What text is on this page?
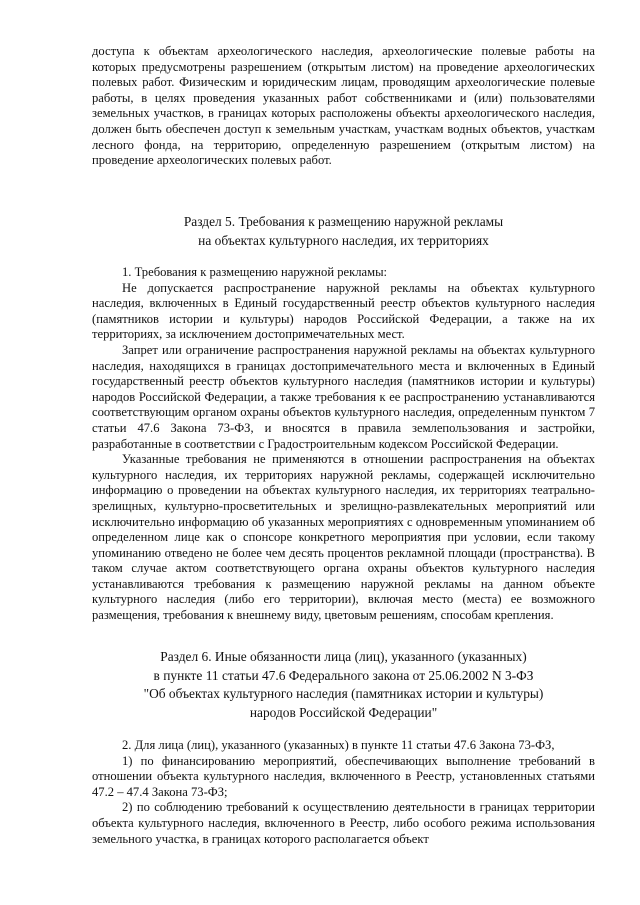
доступа к объектам археологического наследия, археологические полевые работы на которых предусмотрены разрешением (открытым листом) на проведение археологических полевых работ. Физическим и юридическим лицам, проводящим археологические полевые работы, в целях проведения указанных работ собственниками и (или) пользователями земельных участков, в границах которых расположены объекты археологического наследия, должен быть обеспечен доступ к земельным участкам, участкам водных объектов, участкам лесного фонда, на территорию, определенную разрешением (открытым листом) на проведение археологических полевых работ.

Раздел 5. Требования к размещению наружной рекламы
на объектах культурного наследия, их территориях

1. Требования к размещению наружной рекламы:

Не допускается распространение наружной рекламы на объектах культурного наследия, включенных в Единый государственный реестр объектов культурного наследия (памятников истории и культуры) народов Российской Федерации, а также на их территориях, за исключением достопримечательных мест.

Запрет или ограничение распространения наружной рекламы на объектах культурного наследия, находящихся в границах достопримечательного места и включенных в Единый государственный реестр объектов культурного наследия (памятников истории и культуры) народов Российской Федерации, а также требования к ее распространению устанавливаются соответствующим органом охраны объектов культурного наследия, определенным пунктом 7 статьи 47.6 Закона 73-ФЗ, и вносятся в правила землепользования и застройки, разработанные в соответствии с Градостроительным кодексом Российской Федерации.

Указанные требования не применяются в отношении распространения на объектах культурного наследия, их территориях наружной рекламы, содержащей исключительно информацию о проведении на объектах культурного наследия, их территориях театрально-зрелищных, культурно-просветительных и зрелищно-развлекательных мероприятий или исключительно информацию об указанных мероприятиях с одновременным упоминанием об определенном лице как о спонсоре конкретного мероприятия при условии, если такому упоминанию отведено не более чем десять процентов рекламной площади (пространства). В таком случае актом соответствующего органа охраны объектов культурного наследия устанавливаются требования к размещению наружной рекламы на данном объекте культурного наследия (либо его территории), включая место (места) ее возможного размещения, требования к внешнему виду, цветовым решениям, способам крепления.

Раздел 6. Иные обязанности лица (лиц), указанного (указанных)
в пункте 11 статьи 47.6 Федерального закона от 25.06.2002 N 3-ФЗ
"Об объектах культурного наследия (памятниках истории и культуры)
народов Российской Федерации"

2. Для лица (лиц), указанного (указанных) в пункте 11 статьи 47.6 Закона 73-ФЗ,

1) по финансированию мероприятий, обеспечивающих выполнение требований в отношении объекта культурного наследия, включенного в Реестр, установленных статьями 47.2 – 47.4 Закона 73-ФЗ;

2) по соблюдению требований к осуществлению деятельности в границах территории объекта культурного наследия, включенного в Реестр, либо особого режима использования земельного участка, в границах которого располагается объект
